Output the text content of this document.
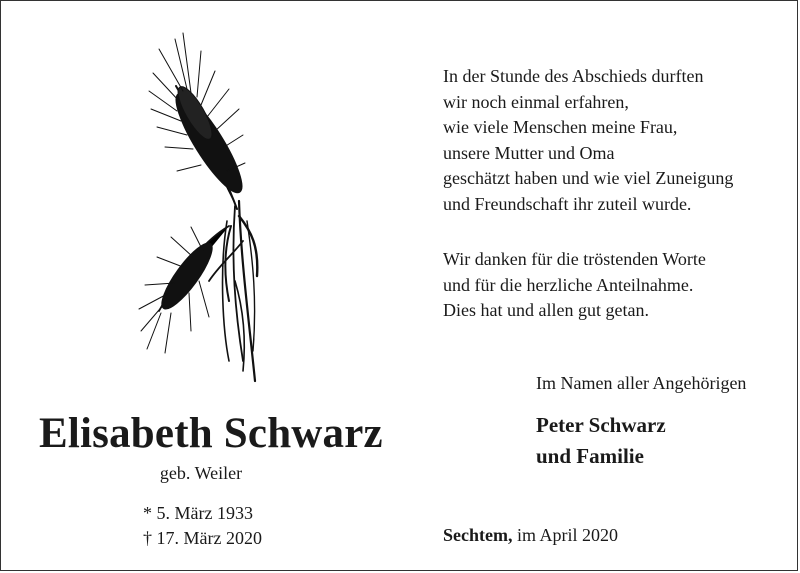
In der Stunde des Abschieds durften
wir noch einmal erfahren,
wie viele Menschen meine Frau,
unsere Mutter und Oma
geschätzt haben und wie viel Zuneigung
und Freundschaft ihr zuteil wurde.
Wir danken für die tröstenden Worte
und für die herzliche Anteilnahme.
Dies hat und allen gut getan.
Im Namen aller Angehörigen
Peter Schwarz
und Familie
Elisabeth Schwarz
geb. Weiler
* 5. März 1933
† 17. März 2020	Sechtem, im April 2020
